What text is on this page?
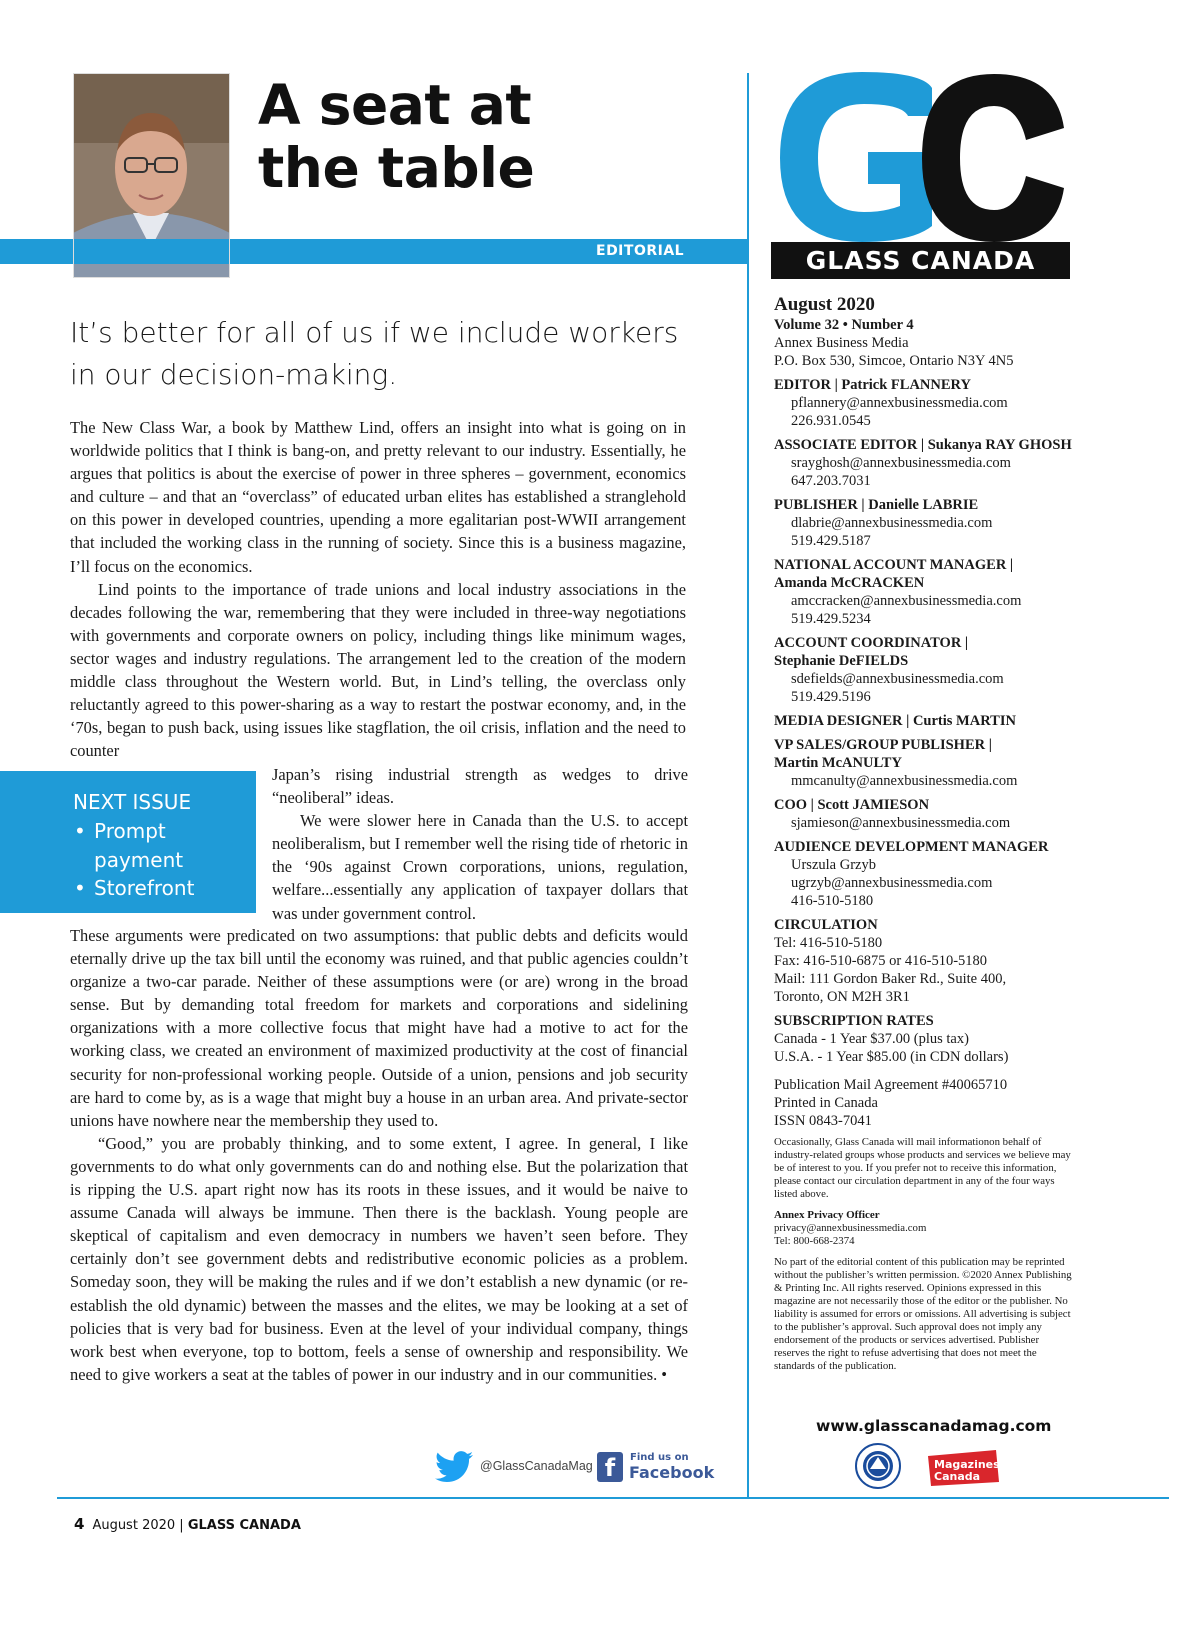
A seat at
the table
EDITORIAL

It’s better for all of us if we include workers in our decision-making.

The New Class War, a book by Matthew Lind, offers an insight into what is going on in worldwide politics that I think is bang-on, and pretty relevant to our industry. Essentially, he argues that politics is about the exercise of power in three spheres – government, economics and culture – and that an “overclass” of educated urban elites has established a stranglehold on this power in developed countries, upending a more egalitarian post-WWII arrangement that included the working class in the running of society. Since this is a business magazine, I’ll focus on the economics.

Lind points to the importance of trade unions and local industry associations in the decades following the war, remembering that they were included in three-way negotiations with governments and corporate owners on policy, including things like minimum wages, sector wages and industry regulations. The arrangement led to the creation of the modern middle class throughout the Western world. But, in Lind’s telling, the overclass only reluctantly agreed to this power-sharing as a way to restart the postwar economy, and, in the ‘70s, began to push back, using issues like stagflation, the oil crisis, inflation and the need to counter

Japan’s rising industrial strength as wedges to drive “neoliberal” ideas.

We were slower here in Canada than the U.S. to accept neoliberalism, but I remember well the rising tide of rhetoric in the ‘90s against Crown corporations, unions, regulation, welfare...essentially any application of taxpayer dollars that was under government control.

These arguments were predicated on two assumptions: that public debts and deficits would eternally drive up the tax bill until the economy was ruined, and that public agencies couldn’t organize a two-car parade. Neither of these assumptions were (or are) wrong in the broad sense. But by demanding total freedom for markets and corporations and sidelining organizations with a more collective focus that might have had a motive to act for the working class, we created an environment of maximized productivity at the cost of financial security for non-professional working people. Outside of a union, pensions and job security are hard to come by, as is a wage that might buy a house in an urban area. And private-sector unions have nowhere near the membership they used to.

“Good,” you are probably thinking, and to some extent, I agree. In general, I like governments to do what only governments can do and nothing else. But the polarization that is ripping the U.S. apart right now has its roots in these issues, and it would be naive to assume Canada will always be immune. Then there is the backlash. Young people are skeptical of capitalism and even democracy in numbers we haven’t seen before. They certainly don’t see government debts and redistributive economic policies as a problem. Someday soon, they will be making the rules and if we don’t establish a new dynamic (or re-establish the old dynamic) between the masses and the elites, we may be looking at a set of policies that is very bad for business. Even at the level of your individual company, things work best when everyone, top to bottom, feels a sense of ownership and responsibility. We need to give workers a seat at the tables of power in our industry and in our communities. •

NEXT ISSUE
• Prompt payment
• Storefront
@GlassCanadaMag f	Find us on
Facebook
4 August 2020 | GLASS CANADA
GLASS CANADA

August 2020

Volume 32 • Number 4

Annex Business Media

P.O. Box 530, Simcoe, Ontario N3Y 4N5

EDITOR | Patrick FLANNERY

pflannery@annexbusinessmedia.com

226.931.0545

ASSOCIATE EDITOR | Sukanya RAY GHOSH

srayghosh@annexbusinessmedia.com

647.203.7031

PUBLISHER | Danielle LABRIE

dlabrie@annexbusinessmedia.com

519.429.5187

NATIONAL ACCOUNT MANAGER | Amanda McCRACKEN

amccracken@annexbusinessmedia.com

519.429.5234

ACCOUNT COORDINATOR | Stephanie DeFIELDS

sdefields@annexbusinessmedia.com

519.429.5196

MEDIA DESIGNER | Curtis MARTIN

VP SALES/GROUP PUBLISHER | Martin McANULTY

mmcanulty@annexbusinessmedia.com

COO | Scott JAMIESON

sjamieson@annexbusinessmedia.com

AUDIENCE DEVELOPMENT MANAGER

Urszula Grzyb

ugrzyb@annexbusinessmedia.com

416-510-5180

CIRCULATION

Tel: 416-510-5180

Fax: 416-510-6875 or 416-510-5180

Mail: 111 Gordon Baker Rd., Suite 400,

Toronto, ON M2H 3R1

SUBSCRIPTION RATES

Canada - 1 Year $37.00 (plus tax)

U.S.A. - 1 Year $85.00 (in CDN dollars)

Publication Mail Agreement #40065710

Printed in Canada

ISSN 0843-7041

Occasionally, Glass Canada will mail informationon behalf of industry-related groups whose products and services we believe may be of interest to you. If you prefer not to receive this information, please contact our circulation department in any of the four ways listed above.

Annex Privacy Officer

privacy@annexbusinessmedia.com

Tel: 800-668-2374

No part of the editorial content of this publication may be reprinted without the publisher’s written permission. ©2020 Annex Publishing & Printing Inc. All rights reserved. Opinions expressed in this magazine are not necessarily those of the editor or the publisher. No liability is assumed for errors or omissions. All advertising is subject to the publisher’s approval. Such approval does not imply any endorsement of the products or services advertised. Publisher reserves the right to refuse advertising that does not meet the standards of the publication.

www.glasscanadamag.com
Magazines
Canada
